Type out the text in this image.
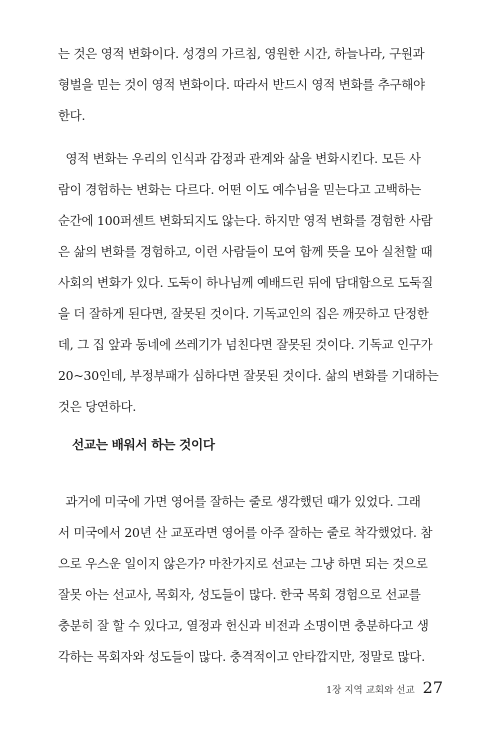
는 것은 영적 변화이다. 성경의 가르침, 영원한 시간, 하늘나라, 구원과
형벌을 믿는 것이 영적 변화이다. 따라서 반드시 영적 변화를 추구해야
한다.

영적 변화는 우리의 인식과 감정과 관계와 삶을 변화시킨다. 모든 사
람이 경험하는 변화는 다르다. 어떤 이도 예수님을 믿는다고 고백하는
순간에 100퍼센트 변화되지도 않는다. 하지만 영적 변화를 경험한 사람
은 삶의 변화를 경험하고, 이런 사람들이 모여 함께 뜻을 모아 실천할 때
사회의 변화가 있다. 도둑이 하나님께 예배드린 뒤에 담대함으로 도둑질
을 더 잘하게 된다면, 잘못된 것이다. 기독교인의 집은 깨끗하고 단정한
데, 그 집 앞과 동네에 쓰레기가 넘친다면 잘못된 것이다. 기독교 인구가
20~30인데, 부정부패가 심하다면 잘못된 것이다. 삶의 변화를 기대하는
것은 당연하다.

선교는 배워서 하는 것이다

과거에 미국에 가면 영어를 잘하는 줄로 생각했던 때가 있었다. 그래
서 미국에서 20년 산 교포라면 영어를 아주 잘하는 줄로 착각했었다. 참
으로 우스운 일이지 않은가? 마찬가지로 선교는 그냥 하면 되는 것으로
잘못 아는 선교사, 목회자, 성도들이 많다. 한국 목회 경험으로 선교를
충분히 잘 할 수 있다고, 열정과 헌신과 비전과 소명이면 충분하다고 생
각하는 목회자와 성도들이 많다. 충격적이고 안타깝지만, 정말로 많다.

1장 지역 교회와 선교 27
